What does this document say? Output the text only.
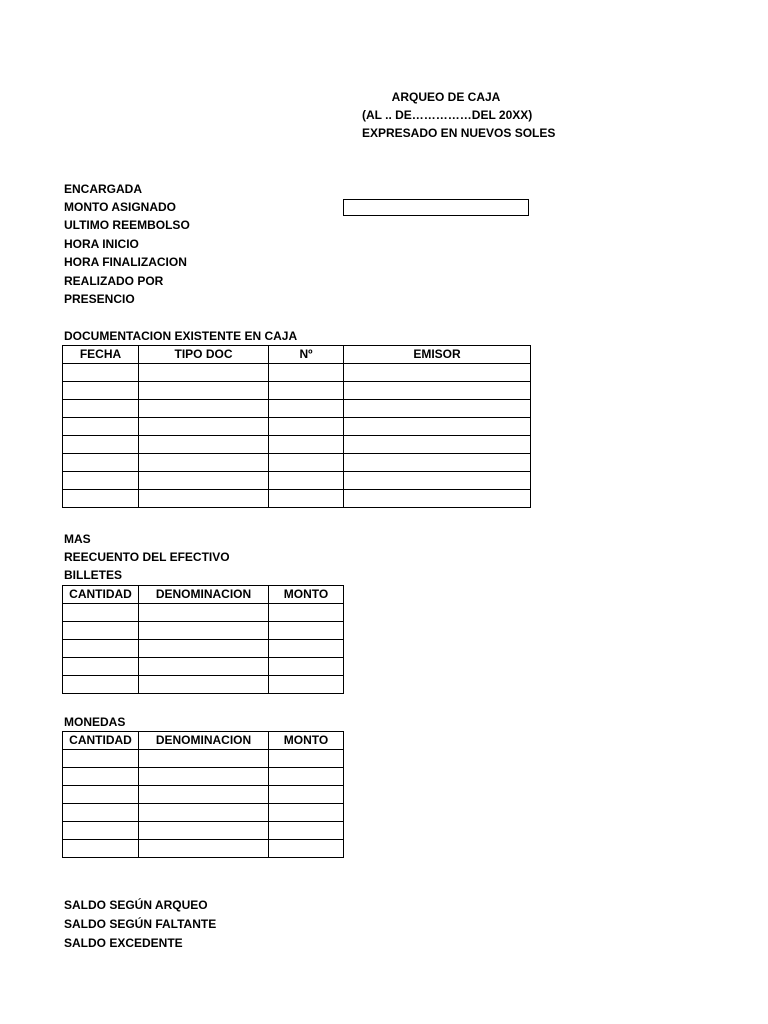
ARQUEO DE CAJA
(AL .. DE……………DEL 20XX)
EXPRESADO EN NUEVOS SOLES
ENCARGADA
MONTO ASIGNADO
ULTIMO REEMBOLSO
HORA INICIO
HORA FINALIZACION
REALIZADO POR
PRESENCIO
DOCUMENTACION EXISTENTE EN CAJA
FECHA	TIPO DOC	Nº	EMISOR

MAS
REECUENTO DEL EFECTIVO
BILLETES
CANTIDAD	DENOMINACION	MONTO

MONEDAS
CANTIDAD	DENOMINACION	MONTO

SALDO SEGÚN ARQUEO
SALDO SEGÚN FALTANTE
SALDO EXCEDENTE
